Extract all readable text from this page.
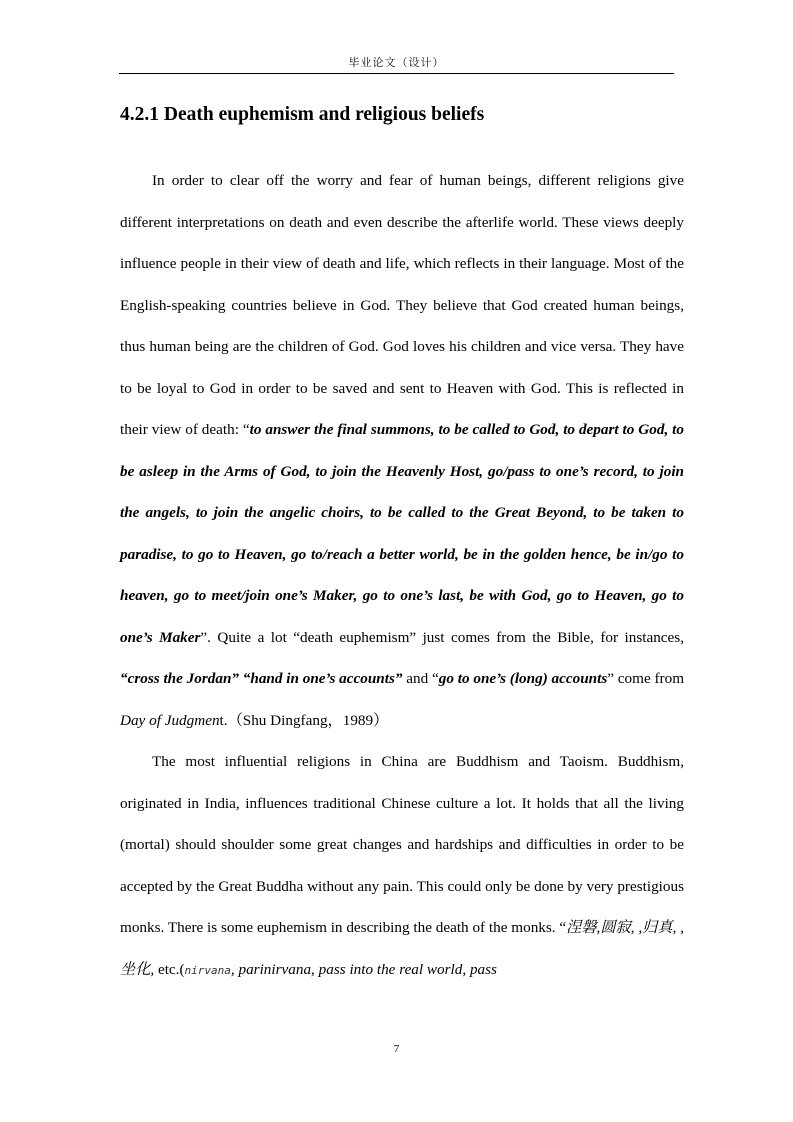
毕业论文（设计）
4.2.1 Death euphemism and religious beliefs

In order to clear off the worry and fear of human beings, different religions give different interpretations on death and even describe the afterlife world. These views deeply influence people in their view of death and life, which reflects in their language. Most of the English-speaking countries believe in God. They believe that God created human beings, thus human being are the children of God. God loves his children and vice versa. They have to be loyal to God in order to be saved and sent to Heaven with God. This is reflected in their view of death: “to answer the final summons, to be called to God, to depart to God, to be asleep in the Arms of God, to join the Heavenly Host, go/pass to one’s record, to join the angels, to join the angelic choirs, to be called to the Great Beyond, to be taken to paradise, to go to Heaven, go to/reach a better world, be in the golden hence, be in/go to heaven, go to meet/join one’s Maker, go to one’s last, be with God, go to Heaven, go to one’s Maker”. Quite a lot “death euphemism” just comes from the Bible, for instances, “cross the Jordan” “hand in one’s accounts” and “go to one’s (long) accounts” come from Day of Judgment.（Shu Dingfang，1989）

The most influential religions in China are Buddhism and Taoism. Buddhism, originated in India, influences traditional Chinese culture a lot. It holds that all the living (mortal) should shoulder some great changes and hardships and difficulties in order to be accepted by the Great Buddha without any pain. This could only be done by very prestigious monks. There is some euphemism in describing the death of the monks. “涅磐,圆寂, ,归真, ,坐化, etc.(nirvana, parinirvana, pass into the real world, pass

7
